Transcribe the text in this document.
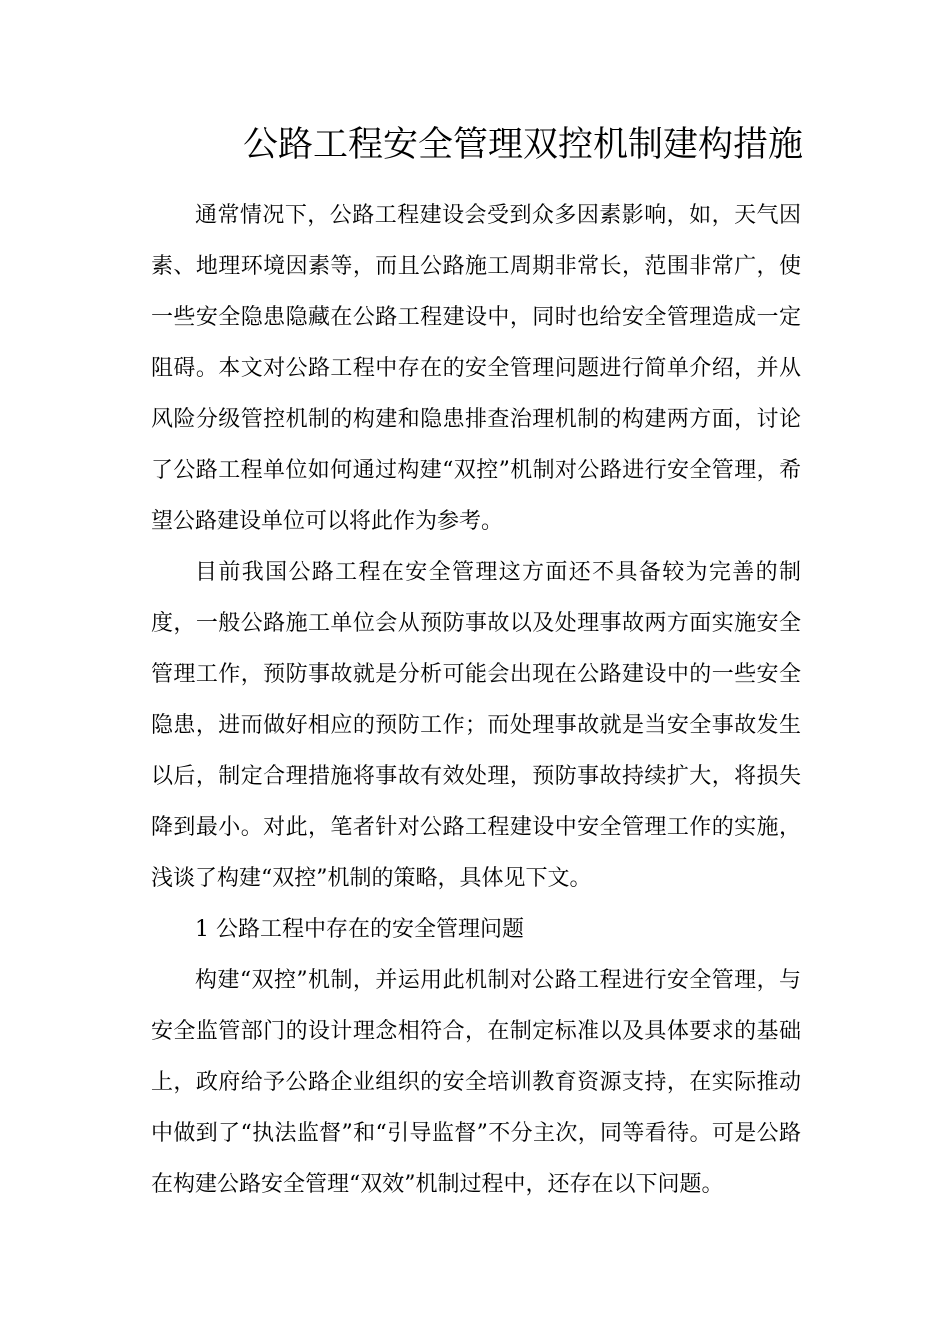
公路工程安全管理双控机制建构措施

通常情况下，公路工程建设会受到众多因素影响，如，天气因素、地理环境因素等，而且公路施工周期非常长，范围非常广，使一些安全隐患隐藏在公路工程建设中，同时也给安全管理造成一定阻碍。本文对公路工程中存在的安全管理问题进行简单介绍，并从风险分级管控机制的构建和隐患排查治理机制的构建两方面，讨论了公路工程单位如何通过构建“双控”机制对公路进行安全管理，希望公路建设单位可以将此作为参考。

目前我国公路工程在安全管理这方面还不具备较为完善的制度，一般公路施工单位会从预防事故以及处理事故两方面实施安全管理工作，预防事故就是分析可能会出现在公路建设中的一些安全隐患，进而做好相应的预防工作；而处理事故就是当安全事故发生以后，制定合理措施将事故有效处理，预防事故持续扩大，将损失降到最小。对此，笔者针对公路工程建设中安全管理工作的实施，浅谈了构建“双控”机制的策略，具体见下文。

1 公路工程中存在的安全管理问题

构建“双控”机制，并运用此机制对公路工程进行安全管理，与安全监管部门的设计理念相符合，在制定标准以及具体要求的基础上，政府给予公路企业组织的安全培训教育资源支持，在实际推动中做到了“执法监督”和“引导监督”不分主次，同等看待。可是公路在构建公路安全管理“双效”机制过程中，还存在以下问题。
